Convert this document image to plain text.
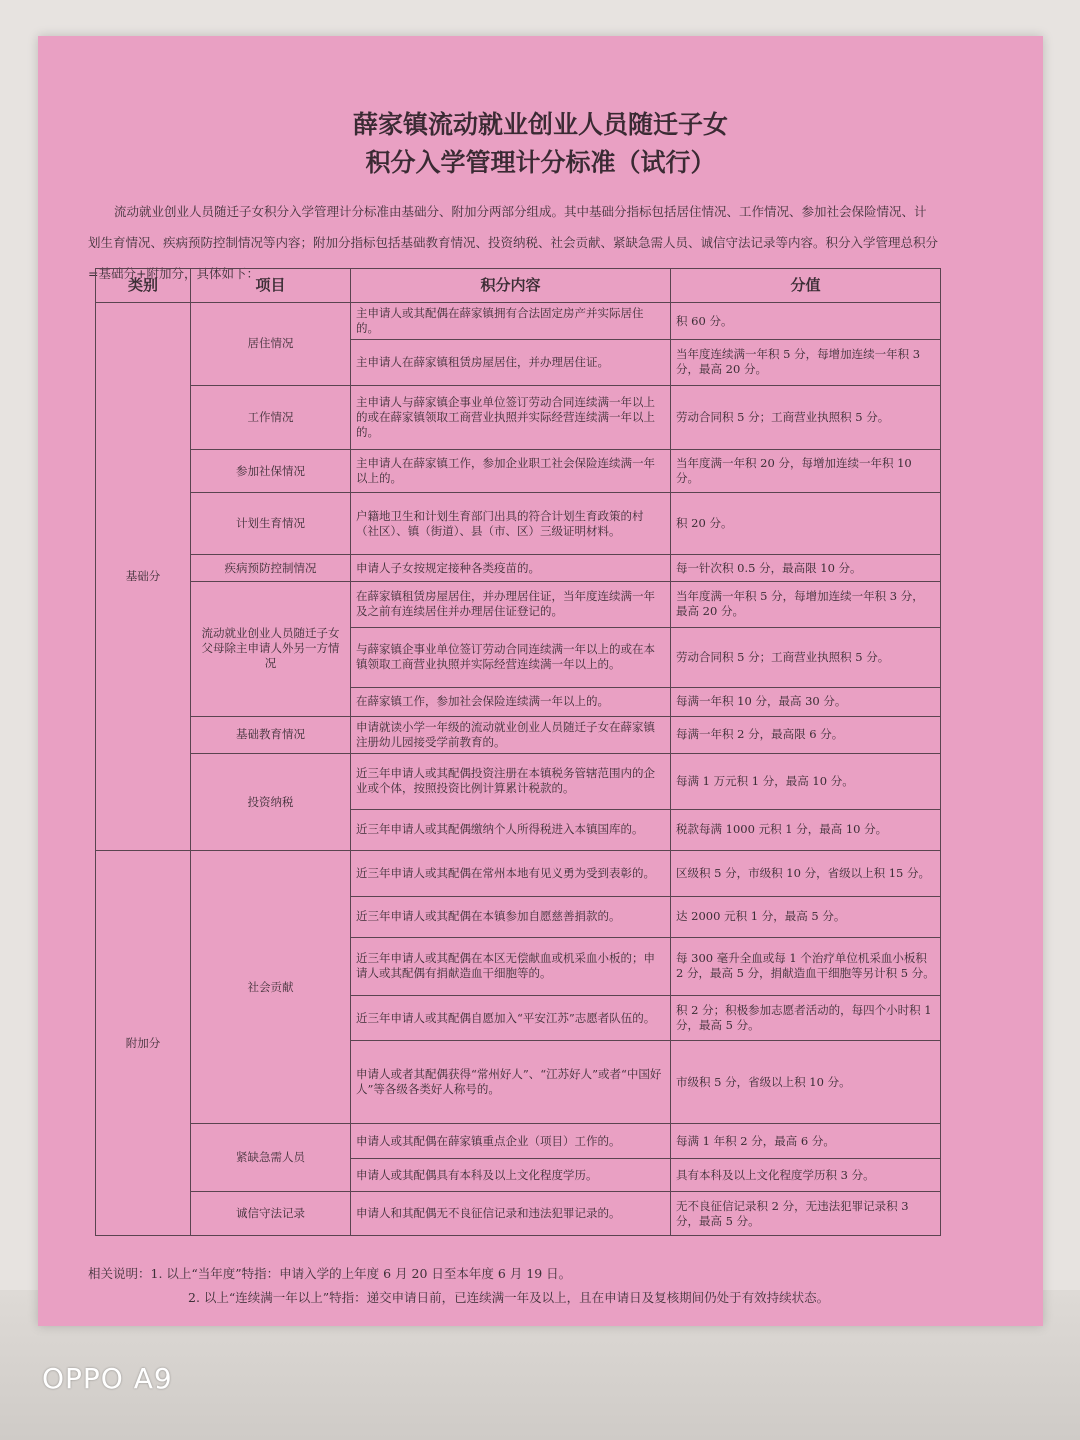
薛家镇流动就业创业人员随迁子女
积分入学管理计分标准（试行）
流动就业创业人员随迁子女积分入学管理计分标准由基础分、附加分两部分组成。其中基础分指标包括居住情况、工作情况、参加社会保险情况、计划生育情况、疾病预防控制情况等内容；附加分指标包括基础教育情况、投资纳税、社会贡献、紧缺急需人员、诚信守法记录等内容。积分入学管理总积分=基础分+附加分，具体如下：
类别	项目	积分内容	分值
基础分	居住情况	主申请人或其配偶在薛家镇拥有合法固定房产并实际居住的。	积 60 分。
		主申请人在薛家镇租赁房屋居住，并办理居住证。	当年度连续满一年积 5 分，每增加连续一年积 3 分，最高 20 分。
	工作情况	主申请人与薛家镇企事业单位签订劳动合同连续满一年以上的或在薛家镇领取工商营业执照并实际经营连续满一年以上的。	劳动合同积 5 分；工商营业执照积 5 分。
	参加社保情况	主申请人在薛家镇工作，参加企业职工社会保险连续满一年以上的。	当年度满一年积 20 分，每增加连续一年积 10 分。
	计划生育情况	户籍地卫生和计划生育部门出具的符合计划生育政策的村（社区）、镇（街道）、县（市、区）三级证明材料。	积 20 分。
	疾病预防控制情况	申请人子女按规定接种各类疫苗的。	每一针次积 0.5 分，最高限 10 分。
	流动就业创业人员随迁子女父母除主申请人外另一方情况	在薛家镇租赁房屋居住，并办理居住证，当年度连续满一年及之前有连续居住并办理居住证登记的。	当年度满一年积 5 分，每增加连续一年积 3 分，最高 20 分。
		与薛家镇企事业单位签订劳动合同连续满一年以上的或在本镇领取工商营业执照并实际经营连续满一年以上的。	劳动合同积 5 分；工商营业执照积 5 分。
		在薛家镇工作，参加社会保险连续满一年以上的。	每满一年积 10 分，最高 30 分。
	基础教育情况	申请就读小学一年级的流动就业创业人员随迁子女在薛家镇注册幼儿园接受学前教育的。	每满一年积 2 分，最高限 6 分。
	投资纳税	近三年申请人或其配偶投资注册在本镇税务管辖范围内的企业或个体，按照投资比例计算累计税款的。	每满 1 万元积 1 分，最高 10 分。
		近三年申请人或其配偶缴纳个人所得税进入本镇国库的。	税款每满 1000 元积 1 分，最高 10 分。
附加分	社会贡献	近三年申请人或其配偶在常州本地有见义勇为受到表彰的。	区级积 5 分，市级积 10 分，省级以上积 15 分。
		近三年申请人或其配偶在本镇参加自愿慈善捐款的。	达 2000 元积 1 分，最高 5 分。
		近三年申请人或其配偶在本区无偿献血或机采血小板的；申请人或其配偶有捐献造血干细胞等的。	每 300 毫升全血或每 1 个治疗单位机采血小板积 2 分，最高 5 分，捐献造血干细胞等另计积 5 分。
		近三年申请人或其配偶自愿加入“平安江苏”志愿者队伍的。	积 2 分；积极参加志愿者活动的，每四个小时积 1 分，最高 5 分。
		申请人或者其配偶获得“常州好人”、“江苏好人”或者“中国好人”等各级各类好人称号的。	市级积 5 分，省级以上积 10 分。
	紧缺急需人员	申请人或其配偶在薛家镇重点企业（项目）工作的。	每满 1 年积 2 分，最高 6 分。
		申请人或其配偶具有本科及以上文化程度学历。	具有本科及以上文化程度学历积 3 分。
	诚信守法记录	申请人和其配偶无不良征信记录和违法犯罪记录的。	无不良征信记录积 2 分，无违法犯罪记录积 3 分，最高 5 分。
相关说明：1. 以上“当年度”特指：申请入学的上年度 6 月 20 日至本年度 6 月 19 日。
2. 以上“连续满一年以上”特指：递交申请日前，已连续满一年及以上，且在申请日及复核期间仍处于有效持续状态。
OPPO A9
